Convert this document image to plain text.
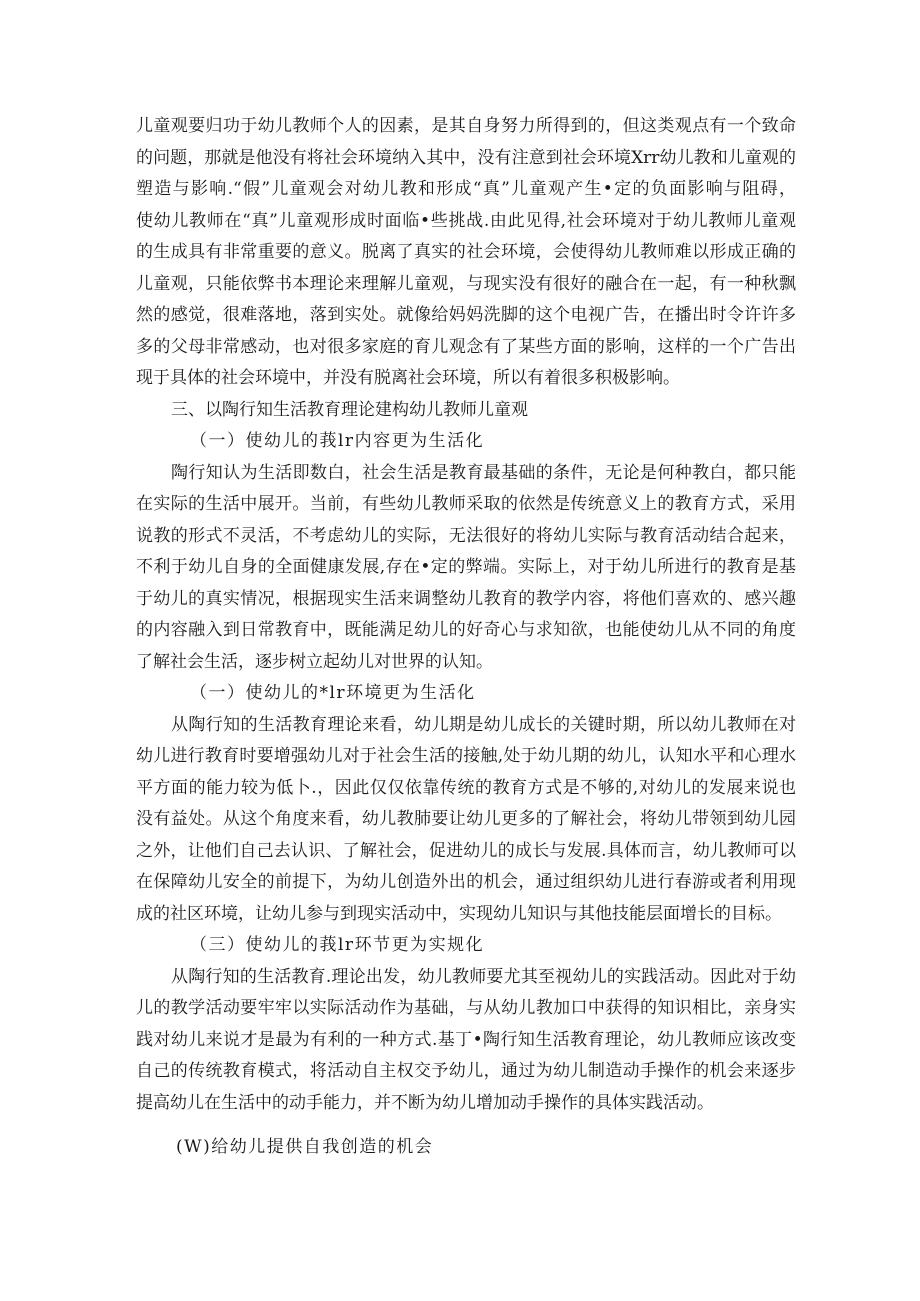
儿童观要归功于幼儿教师个人的因素，是其自身努力所得到的，但这类观点有一个致命
的问题，那就是他没有将社会环境纳入其中，没有注意到社会环境Xrr幼儿教和儿童观的
塑造与影响.“假”儿童观会对幼儿教和形成“真”儿童观产生•定的负面影响与阻碍，
使幼儿教师在“真”儿童观形成时面临•些挑战.由此见得,社会环境对于幼儿教师儿童观
的生成具有非常重要的意义。脱离了真实的社会环境，会使得幼儿教师难以形成正确的
儿童观，只能依弊书本理论来理解儿童观，与现实没有很好的融合在一起，有一种秋飘
然的感觉，很难落地，落到实处。就像给妈妈洗脚的这个电视广告，在播出时令许许多
多的父母非常感动，也对很多家庭的育儿观念有了某些方面的影响，这样的一个广告出
现于具体的社会环境中，并没有脱离社会环境，所以有着很多积极影响。
三、以陶行知生活教育理论建构幼儿教师儿童观
（一）使幼儿的莪lr内容更为生活化
陶行知认为生活即数白，社会生活是教育最基础的条件，无论是何种教白，都只能
在实际的生活中展开。当前，有些幼儿教师采取的依然是传统意义上的教育方式，采用
说教的形式不灵活，不考虑幼儿的实际，无法很好的将幼儿实际与教育活动结合起来，
不利于幼儿自身的全面健康发展,存在•定的弊端。实际上，对于幼儿所进行的教育是基
于幼儿的真实情况，根据现实生活来调整幼儿教育的教学内容，将他们喜欢的、感兴趣
的内容融入到日常教育中，既能满足幼儿的好奇心与求知欲，也能使幼儿从不同的角度
了解社会生活，逐步树立起幼儿对世界的认知。
（一）使幼儿的*lr环境更为生活化
从陶行知的生活教育理论来看，幼儿期是幼儿成长的关键时期，所以幼儿教师在对
幼儿进行教育时要增强幼儿对于社会生活的接触,处于幼儿期的幼儿，认知水平和心理水
平方面的能力较为低卜.，因此仅仅依靠传统的教育方式是不够的,对幼儿的发展来说也
没有益处。从这个角度来看，幼儿教肺要让幼儿更多的了解社会，将幼儿带领到幼儿园
之外，让他们自己去认识、了解社会，促进幼儿的成长与发展.具体而言，幼儿教师可以
在保障幼儿安全的前提下，为幼儿创造外出的机会，通过组织幼儿进行春游或者利用现
成的社区环境，让幼儿参与到现实活动中，实现幼儿知识与其他技能层面增长的目标。
（三）使幼儿的莪lr环节更为实规化
从陶行知的生活教育.理论出发，幼儿教师要尤其至视幼儿的实践活动。因此对于幼
儿的教学活动要牢牢以实际活动作为基础，与从幼儿教加口中获得的知识相比，亲身实
践对幼儿来说才是最为有利的一种方式.基丁•陶行知生活教育理论，幼儿教师应该改变
自己的传统教育模式，将活动自主权交予幼儿，通过为幼儿制造动手操作的机会来逐步
提高幼儿在生活中的动手能力，并不断为幼儿增加动手操作的具体实践活动。
(W)给幼儿提供自我创造的机会
